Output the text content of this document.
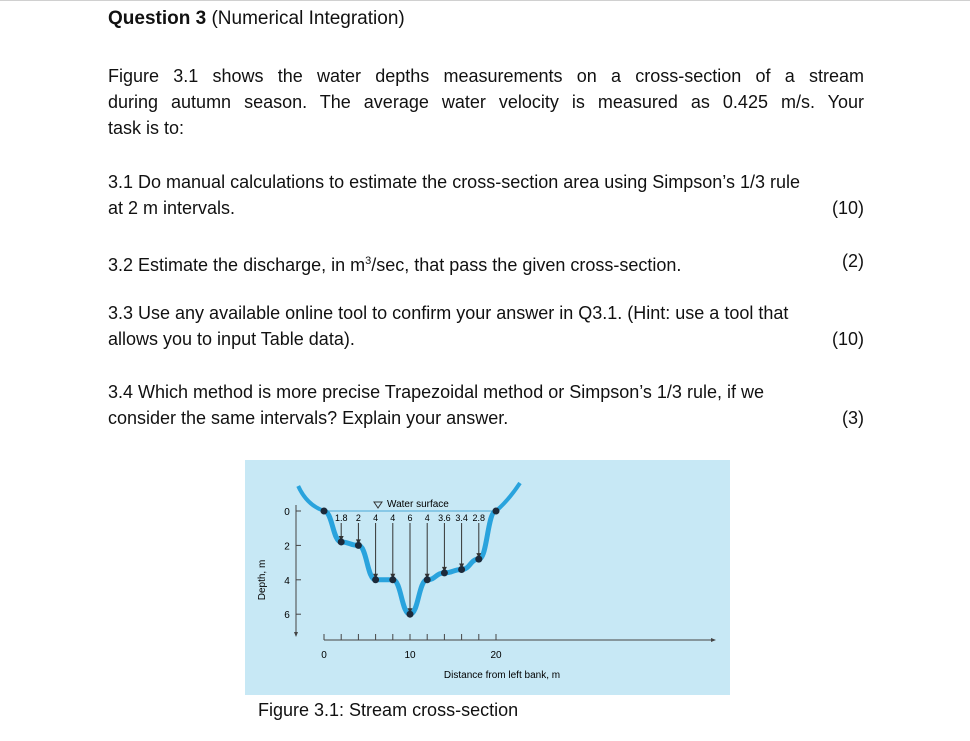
Question 3 (Numerical Integration)
Figure 3.1 shows the water depths measurements on a cross-section of a stream
during autumn season. The average water velocity is measured as 0.425 m/s. Your
task is to:
3.1 Do manual calculations to estimate the cross-section area using Simpson’s 1/3 rule
at 2 m intervals.	(10)
3.2 Estimate the discharge, in $m^3/\sec$, that pass the given cross-section.	(2)
3.3 Use any available online tool to confirm your answer in Q3.1. (Hint: use a tool that
allows you to input Table data).	(10)
3.4 Which method is more precise Trapezoidal method or Simpson’s 1/3 rule, if we
consider the same intervals? Explain your answer.	(3)
Depth, m
Distance from left bank, m
Water surface
0
2
4
6
0	10	20
1.8 2 4 4 6 4 3.6 3.4 2.8
Figure 3.1: Stream cross-section
